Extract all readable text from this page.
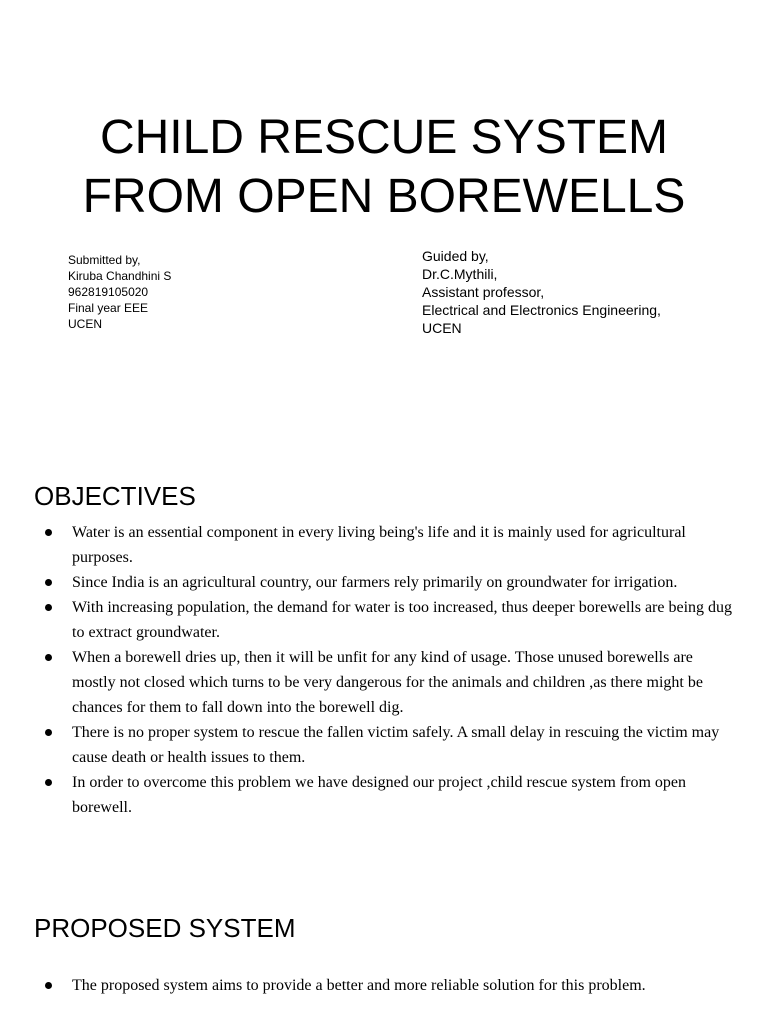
CHILD RESCUE SYSTEM
FROM OPEN BOREWELLS
Submitted by,
Kiruba Chandhini S
962819105020
Final year EEE
UCEN
Guided by,
Dr.C.Mythili,
Assistant professor,
Electrical and Electronics Engineering,
UCEN
OBJECTIVES
Water is an essential component in every living being's life and it is mainly used for agricultural purposes.
Since India is an agricultural country, our farmers rely primarily on groundwater for irrigation.
With increasing population, the demand for water is too increased, thus deeper borewells are being dug to extract groundwater.
When a borewell dries up, then it will be unfit for any kind of usage. Those unused borewells are mostly not closed which turns to be very dangerous for the animals and children ,as there might be chances for them to fall down into the borewell dig.
There is no proper system to rescue the fallen victim safely. A small delay in rescuing the victim may cause death or health issues to them.
In order to overcome this problem we have designed our project ,child rescue system from open borewell.
PROPOSED SYSTEM
The proposed system aims to provide a better and more reliable solution for this problem.
